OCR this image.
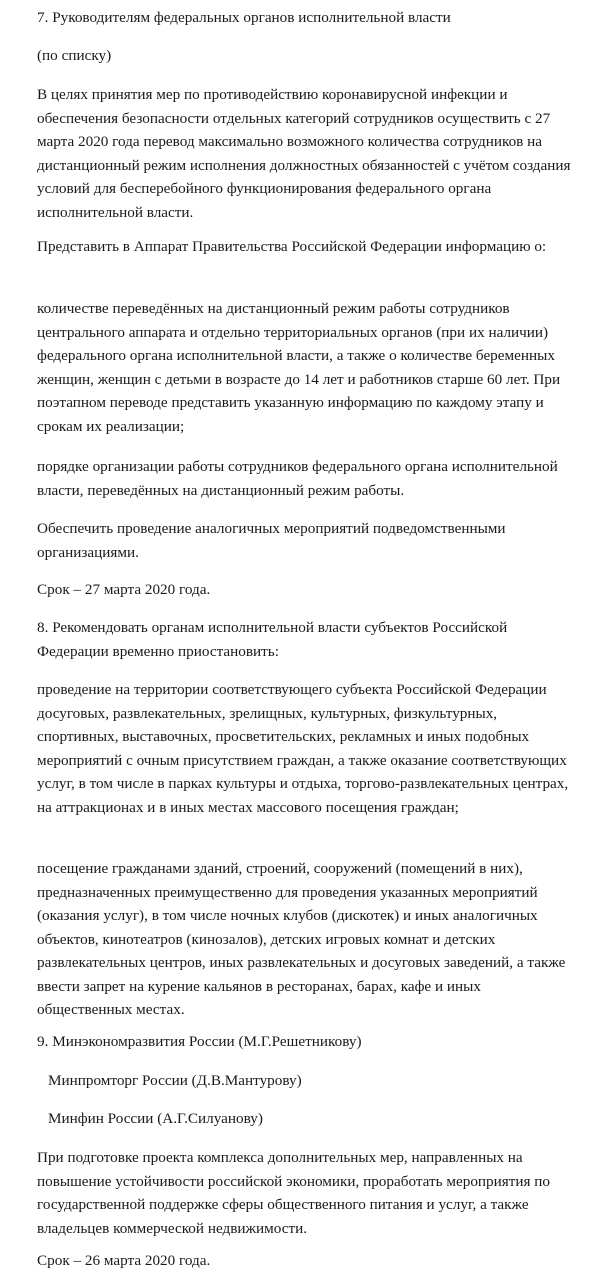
7. Руководителям федеральных органов исполнительной власти

(по списку)

В целях принятия мер по противодействию коронавирусной инфекции и обеспечения безопасности отдельных категорий сотрудников осуществить с 27 марта 2020 года перевод максимально возможного количества сотрудников на дистанционный режим исполнения должностных обязанностей с учётом создания условий для бесперебойного функционирования федерального органа исполнительной власти.

Представить в Аппарат Правительства Российской Федерации информацию о:

количестве переведённых на дистанционный режим работы сотрудников центрального аппарата и отдельно территориальных органов (при их наличии) федерального органа исполнительной власти, а также о количестве беременных женщин, женщин с детьми в возрасте до 14 лет и работников старше 60 лет. При поэтапном переводе представить указанную информацию по каждому этапу и срокам их реализации;

порядке организации работы сотрудников федерального органа исполнительной власти, переведённых на дистанционный режим работы.

Обеспечить проведение аналогичных мероприятий подведомственными организациями.

Срок – 27 марта 2020 года.

8. Рекомендовать органам исполнительной власти субъектов Российской Федерации временно приостановить:

проведение на территории соответствующего субъекта Российской Федерации досуговых, развлекательных, зрелищных, культурных, физкультурных, спортивных, выставочных, просветительских, рекламных и иных подобных мероприятий с очным присутствием граждан, а также оказание соответствующих услуг, в том числе в парках культуры и отдыха, торгово-развлекательных центрах, на аттракционах и в иных местах массового посещения граждан;

посещение гражданами зданий, строений, сооружений (помещений в них), предназначенных преимущественно для проведения указанных мероприятий (оказания услуг), в том числе ночных клубов (дискотек) и иных аналогичных объектов, кинотеатров (кинозалов), детских игровых комнат и детских развлекательных центров, иных развлекательных и досуговых заведений, а также ввести запрет на курение кальянов в ресторанах, барах, кафе и иных общественных местах.

9. Минэкономразвития России (М.Г.Решетникову)

Минпромторг России (Д.В.Мантурову)

Минфин России (А.Г.Силуанову)

При подготовке проекта комплекса дополнительных мер, направленных на повышение устойчивости российской экономики, проработать мероприятия по государственной поддержке сферы общественного питания и услуг, а также владельцев коммерческой недвижимости.

Срок – 26 марта 2020 года.
